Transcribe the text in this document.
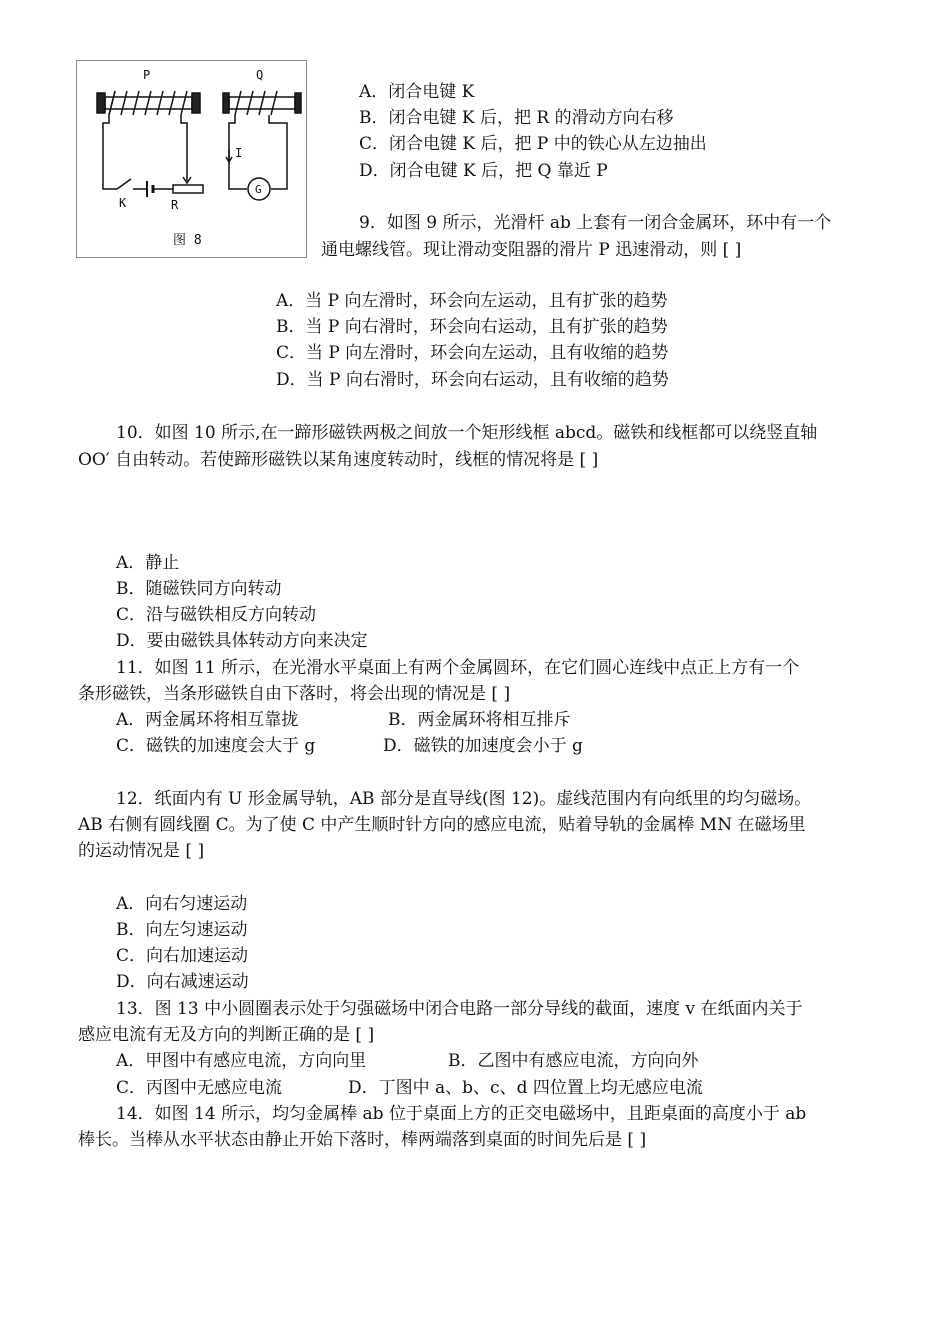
P	Q
K	R
I
G
图 8
A．闭合电键 K
B．闭合电键 K 后，把 R 的滑动方向右移
C．闭合电键 K 后，把 P 中的铁心从左边抽出
D．闭合电键 K 后，把 Q 靠近 P
9．如图 9 所示，光滑杆 ab 上套有一闭合金属环，环中有一个
通电螺线管。现让滑动变阻器的滑片 P 迅速滑动，则 [ ]
A．当 P 向左滑时，环会向左运动，且有扩张的趋势
B．当 P 向右滑时，环会向右运动，且有扩张的趋势
C．当 P 向左滑时，环会向左运动，且有收缩的趋势
D．当 P 向右滑时，环会向右运动，且有收缩的趋势
10．如图 10 所示,在一蹄形磁铁两极之间放一个矩形线框 abcd。磁铁和线框都可以绕竖直轴
OO′ 自由转动。若使蹄形磁铁以某角速度转动时，线框的情况将是 [ ]
A．静止
B．随磁铁同方向转动
C．沿与磁铁相反方向转动
D．要由磁铁具体转动方向来决定
11．如图 11 所示，在光滑水平桌面上有两个金属圆环，在它们圆心连线中点正上方有一个
条形磁铁，当条形磁铁自由下落时，将会出现的情况是 [ ]
A．两金属环将相互靠拢	B．两金属环将相互排斥
C．磁铁的加速度会大于 g	D．磁铁的加速度会小于 g
12．纸面内有 U 形金属导轨，AB 部分是直导线(图 12)。虚线范围内有向纸里的均匀磁场。
AB 右侧有圆线圈 C。为了使 C 中产生顺时针方向的感应电流，贴着导轨的金属棒 MN 在磁场里
的运动情况是 [ ]
A．向右匀速运动
B．向左匀速运动
C．向右加速运动
D．向右减速运动
13．图 13 中小圆圈表示处于匀强磁场中闭合电路一部分导线的截面，速度 v 在纸面内关于
感应电流有无及方向的判断正确的是 [ ]
A．甲图中有感应电流，方向向里	B．乙图中有感应电流，方向向外
C．丙图中无感应电流	D．丁图中 a、b、c、d 四位置上均无感应电流
14．如图 14 所示，均匀金属棒 ab 位于桌面上方的正交电磁场中，且距桌面的高度小于 ab
棒长。当棒从水平状态由静止开始下落时，棒两端落到桌面的时间先后是 [ ]
